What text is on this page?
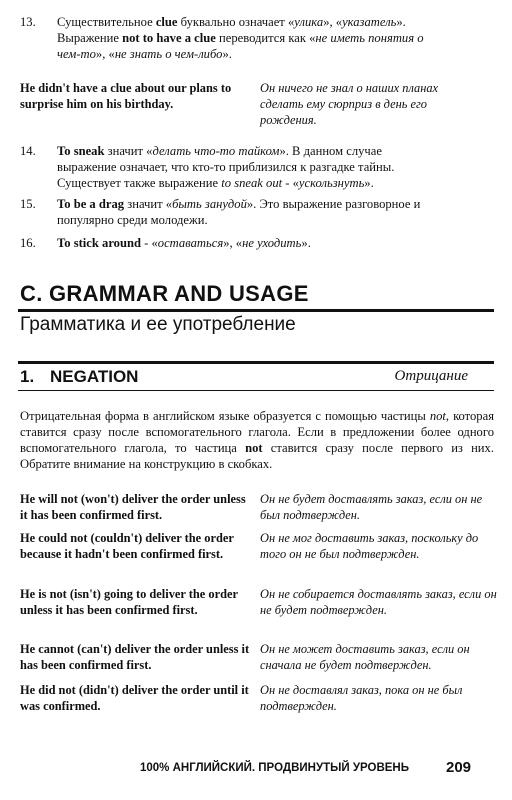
13.	Существительное clue буквально означает «улика», «указатель».
Выражение not to have a clue переводится как «не иметь понятия о
чем-то», «не знать о чем-либо».
He didn't have a clue about our plans to surprise him on his birthday.
Он ничего не знал о наших планах сделать ему сюрприз в день его рождения.
14.	To sneak значит «делать что-то тайком». В данном случае
выражение означает, что кто-то приблизился к разгадке тайны.
Существует также выражение to sneak out - «ускользнуть».
15.	To be a drag значит «быть занудой». Это выражение разговорное и
популярно среди молодежи.
16.	To stick around - «оставаться», «не уходить».
C. GRAMMAR AND USAGE
Грамматика и ее употребление
1. NEGATION	Отрицание
Отрицательная форма в английском языке образуется с помощью частицы not, которая ставится сразу после вспомогательного глагола. Если в предложении более одного вспомогательного глагола, то частица not ставится сразу после первого из них. Обратите внимание на конструкцию в скобках.
He will not (won't) deliver the order unless it has been confirmed first.
Он не будет доставлять заказ, если он не был подтвержден.
He could not (couldn't) deliver the order because it hadn't been confirmed first.
Он не мог доставить заказ, поскольку до того он не был подтвержден.
He is not (isn't) going to deliver the order unless it has been confirmed first.
Он не собирается доставлять заказ, если он не будет подтвержден.
He cannot (can't) deliver the order unless it has been confirmed first.
Он не может доставить заказ, если он сначала не будет подтвержден.
He did not (didn't) deliver the order until it was confirmed.
Он не доставлял заказ, пока он не был подтвержден.
100% АНГЛИЙСКИЙ. ПРОДВИНУТЫЙ УРОВЕНЬ 209
